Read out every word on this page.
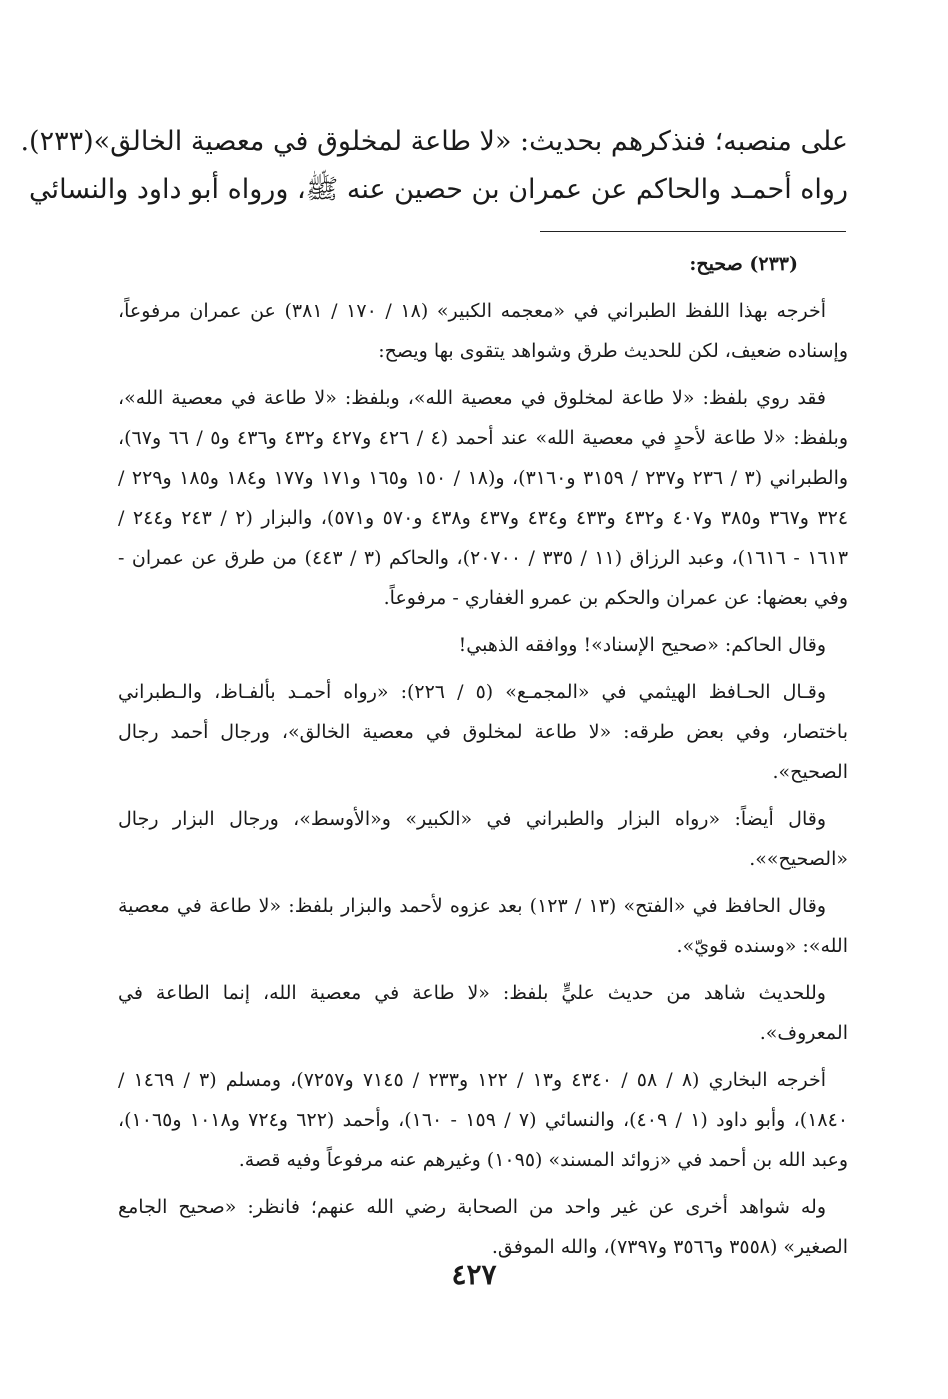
على منصبه؛ فنذكرهم بحديث: «لا طاعة لمخلوق في معصية الخالق»(٢٣٣).
رواه أحمـد والحاكم عن عمران بن حصين عنه ﷺ، ورواه أبو داود والنسائي

(٢٣٣) صحيح:

أخرجه بهذا اللفظ الطبراني في «معجمه الكبير» (١٨ / ١٧٠ / ٣٨١) عن عمران مرفوعاً، وإسناده ضعيف، لكن للحديث طرق وشواهد يتقوى بها ويصح:

فقد روي بلفظ: «لا طاعة لمخلوق في معصية الله»، وبلفظ: «لا طاعة في معصية الله»، وبلفظ: «لا طاعة لأحدٍ في معصية الله» عند أحمد (٤ / ٤٢٦ و٤٢٧ و٤٣٢ و٤٣٦ و٥ / ٦٦ و٦٧)، والطبراني (٣ / ٢٣٦ و٢٣٧ / ٣١٥٩ و٣١٦٠)، و(١٨ / ١٥٠ و١٦٥ و١٧١ و١٧٧ و١٨٤ و١٨٥ و٢٢٩ / ٣٢٤ و٣٦٧ و٣٨٥ و٤٠٧ و٤٣٢ و٤٣٣ و٤٣٤ و٤٣٧ و٤٣٨ و٥٧٠ و٥٧١)، والبزار (٢ / ٢٤٣ و٢٤٤ / ١٦١٣ - ١٦١٦)، وعبد الرزاق (١١ / ٣٣٥ / ٢٠٧٠٠)، والحاكم (٣ / ٤٤٣) من طرق عن عمران - وفي بعضها: عن عمران والحكم بن عمرو الغفاري - مرفوعاً.

وقال الحاكم: «صحيح الإسناد»! ووافقه الذهبي!

وقـال الحـافظ الهيثمي في «المجمـع» (٥ / ٢٢٦): «رواه أحمـد بألفـاظ، والـطبراني باختصار، وفي بعض طرقه: «لا طاعة لمخلوق في معصية الخالق»، ورجال أحمد رجال الصحيح».

وقال أيضاً: «رواه البزار والطبراني في «الكبير» و«الأوسط»، ورجال البزار رجال «الصحيح»».

وقال الحافظ في «الفتح» (١٣ / ١٢٣) بعد عزوه لأحمد والبزار بلفظ: «لا طاعة في معصية الله»: «وسنده قويّ».

وللحديث شاهد من حديث عليٍّ بلفظ: «لا طاعة في معصية الله، إنما الطاعة في المعروف».

أخرجه البخاري (٨ / ٥٨ / ٤٣٤٠ و١٣ / ١٢٢ و٢٣٣ / ٧١٤٥ و٧٢٥٧)، ومسلم (٣ / ١٤٦٩ / ١٨٤٠)، وأبو داود (١ / ٤٠٩)، والنسائي (٧ / ١٥٩ - ١٦٠)، وأحمد (٦٢٢ و٧٢٤ و١٠١٨ و١٠٦٥)، وعبد الله بن أحمد في «زوائد المسند» (١٠٩٥) وغيرهم عنه مرفوعاً وفيه قصة.

وله شواهد أخرى عن غير واحد من الصحابة رضي الله عنهم؛ فانظر: «صحيح الجامع الصغير» (٣٥٥٨ و٣٥٦٦ و٧٣٩٧)، والله الموفق.

٤٢٧
